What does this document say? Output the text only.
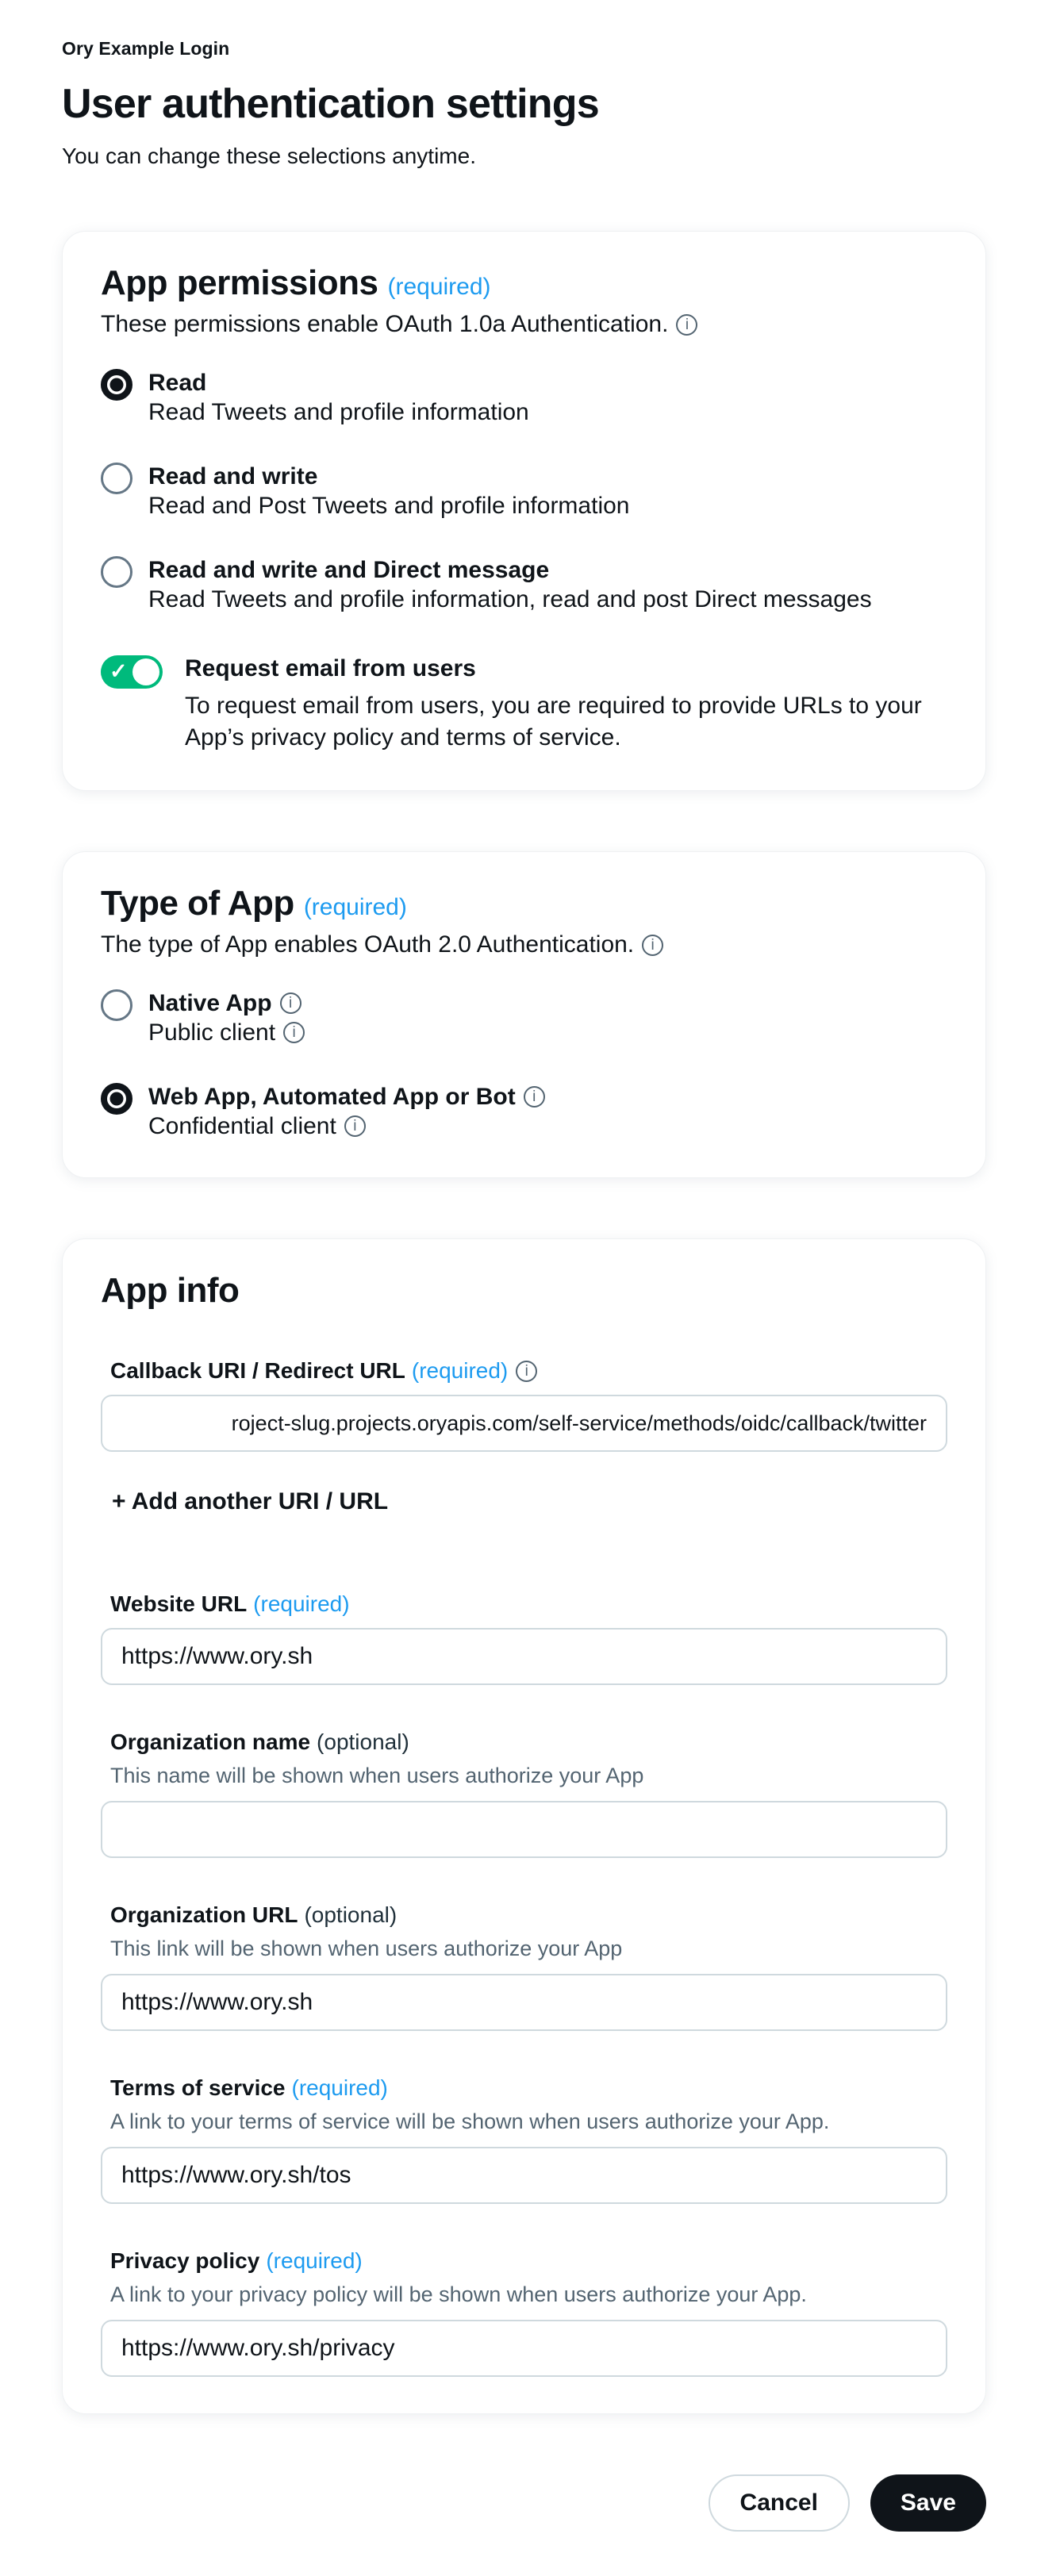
Ory Example Login
User authentication settings
You can change these selections anytime.
App permissions (required)
These permissions enable OAuth 1.0a Authentication.
i
Read
Read Tweets and profile information
Read and write
Read and Post Tweets and profile information
Read and write and Direct message
Read Tweets and profile information, read and post Direct messages
✓ Request email from users
To request email from users, you are required to provide URLs to your App’s privacy policy and terms of service.
Type of App (required)
The type of App enables OAuth 2.0 Authentication.
i
Native App
i
Public client
i
Web App, Automated App or Bot
i
Confidential client
i
App info
Callback URI / Redirect URL (required)
i
roject-slug.projects.oryapis.com/self-service/methods/oidc/callback/twitter
+ Add another URI / URL
Website URL (required)
https://www.ory.sh
Organization name (optional)
This name will be shown when users authorize your App
Organization URL (optional)
This link will be shown when users authorize your App
https://www.ory.sh
Terms of service (required)
A link to your terms of service will be shown when users authorize your App.
https://www.ory.sh/tos
Privacy policy (required)
A link to your privacy policy will be shown when users authorize your App.
https://www.ory.sh/privacy
Cancel	Save
